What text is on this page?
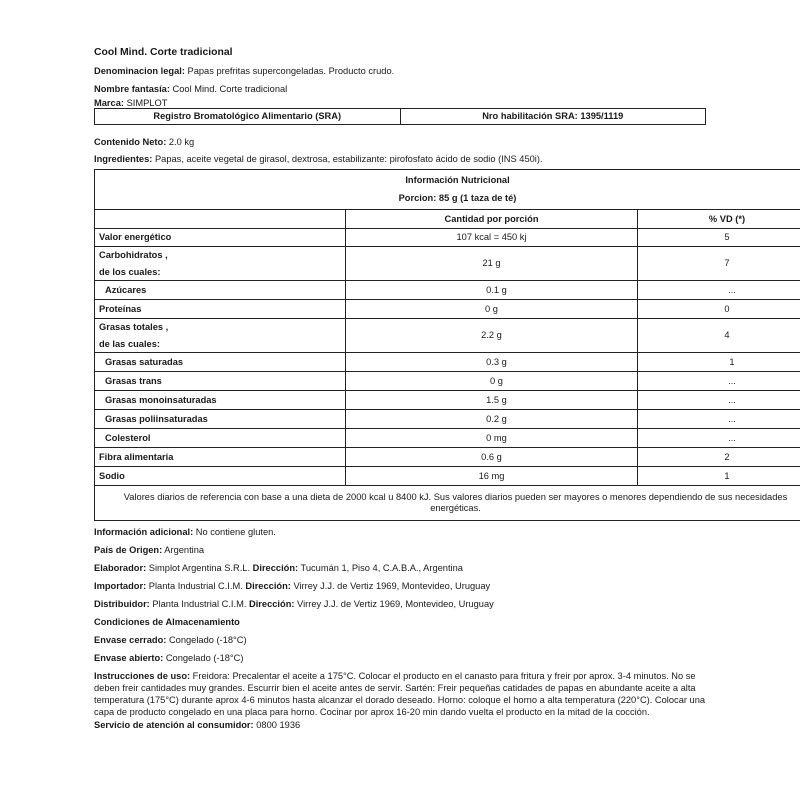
Cool Mind. Corte tradicional
Denominacion legal: Papas prefritas supercongeladas. Producto crudo.
Nombre fantasía: Cool Mind. Corte tradicional
Marca: SIMPLOT
Registro Bromatológico Alimentario (SRA)	Nro habilitación SRA: 1395/1119
Contenido Neto: 2.0 kg
Ingredientes: Papas, aceite vegetal de girasol, dextrosa, estabilizante: pirofosfato ácido de sodio (INS 450i).
Información Nutricional
Porcion: 85 g (1 taza de té)		
	Cantidad por porción	% VD (*)

Valor energético	107 kcal = 450 kj	5

Carbohidratos ,
de los cuales:	21 g	7

Azúcares	0.1 g	...

Proteínas	0 g	0

Grasas totales ,
de las cuales:	2.2 g	4

Grasas saturadas	0.3 g	1

Grasas trans	0 g	...

Grasas monoinsaturadas	1.5 g	...

Grasas poliinsaturadas	0.2 g	...

Colesterol	0 mg	...

Fibra alimentaria	0.6 g	2

Sodio	16 mg	1
Valores diarios de referencia con base a una dieta de 2000 kcal u 8400 kJ. Sus valores diarios pueden ser mayores o menores dependiendo de sus necesidades energéticas.		
Información adicional: No contiene gluten.
País de Origen: Argentina
Elaborador: Simplot Argentina S.R.L. Dirección: Tucumán 1, Piso 4, C.A.B.A., Argentina
Importador: Planta Industrial C.I.M. Dirección: Virrey J.J. de Vertiz 1969, Montevideo, Uruguay
Distribuidor: Planta Industrial C.I.M. Dirección: Virrey J.J. de Vertiz 1969, Montevideo, Uruguay
Condiciones de Almacenamiento
Envase cerrado: Congelado (-18°C)
Envase abierto: Congelado (-18°C)
Instrucciones de uso: Freidora: Precalentar el aceite a 175°C. Colocar el producto en el canasto para fritura y freir por aprox. 3-4 minutos. No se deben freir cantidades muy grandes. Escurrir bien el aceite antes de servir. Sartén: Freir pequeñas catidades de papas en abundante aceite a alta temperatura (175°C) durante aprox 4-6 minutos hasta alcanzar el dorado deseado. Horno: coloque el horno a alta temperatura (220°C). Colocar una capa de producto congelado en una placa para horno. Cocinar por aprox 16-20 min dando vuelta el producto en la mitad de la cocción.
Servicio de atención al consumidor: 0800 1936
